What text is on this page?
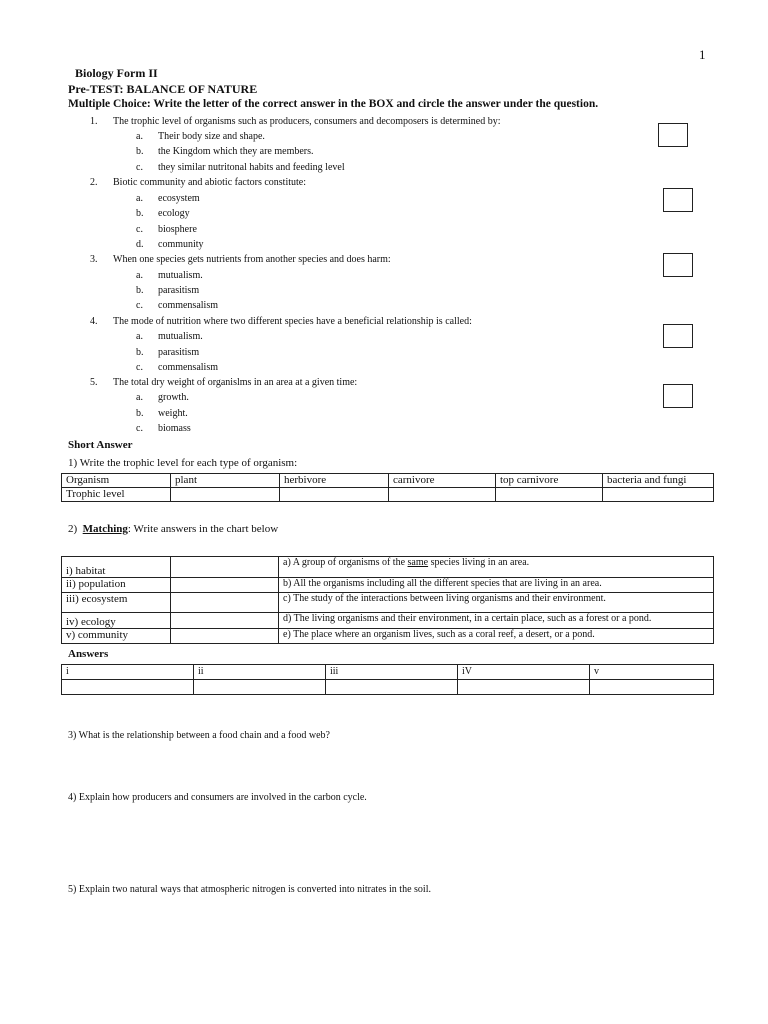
1
Biology Form II
Pre-TEST: BALANCE OF NATURE
Multiple Choice: Write the letter of the correct answer in the BOX and circle the answer under the question.
1. The trophic level of organisms such as producers, consumers and decomposers is determined by:
a. Their body size and shape.
b. the Kingdom which they are members.
c. they similar nutritonal habits and feeding level
2. Biotic community and abiotic factors constitute:
a. ecosystem
b. ecology
c. biosphere
d. community
3. When one species gets nutrients from another species and does harm:
a. mutualism.
b. parasitism
c. commensalism
4. The mode of nutrition where two different species have a beneficial relationship is called:
a. mutualism.
b. parasitism
c. commensalism
5. The total dry weight of organislms in an area at a given time:
a. growth.
b. weight.
c. biomass
Short Answer
1) Write the trophic level for each type of organism:
Organism	plant	herbivore	carnivore	top carnivore	bacteria and fungi
Trophic level					
2) Matching: Write answers in the chart below
i) habitat		a) A group of organisms of the same species living in an area.
ii) population		b) All the organisms including all the different species that are living in an area.
iii) ecosystem		c) The study of the interactions between living organisms and their environment.
iv) ecology		d) The living organisms and their environment, in a certain place, such as a forest or a pond.
v) community		e) The place where an organism lives, such as a coral reef, a desert, or a pond.
Answers
i	ii	iii	iV	v

3) What is the relationship between a food chain and a food web?
4) Explain how producers and consumers are involved in the carbon cycle.
5) Explain two natural ways that atmospheric nitrogen is converted into nitrates in the soil.
